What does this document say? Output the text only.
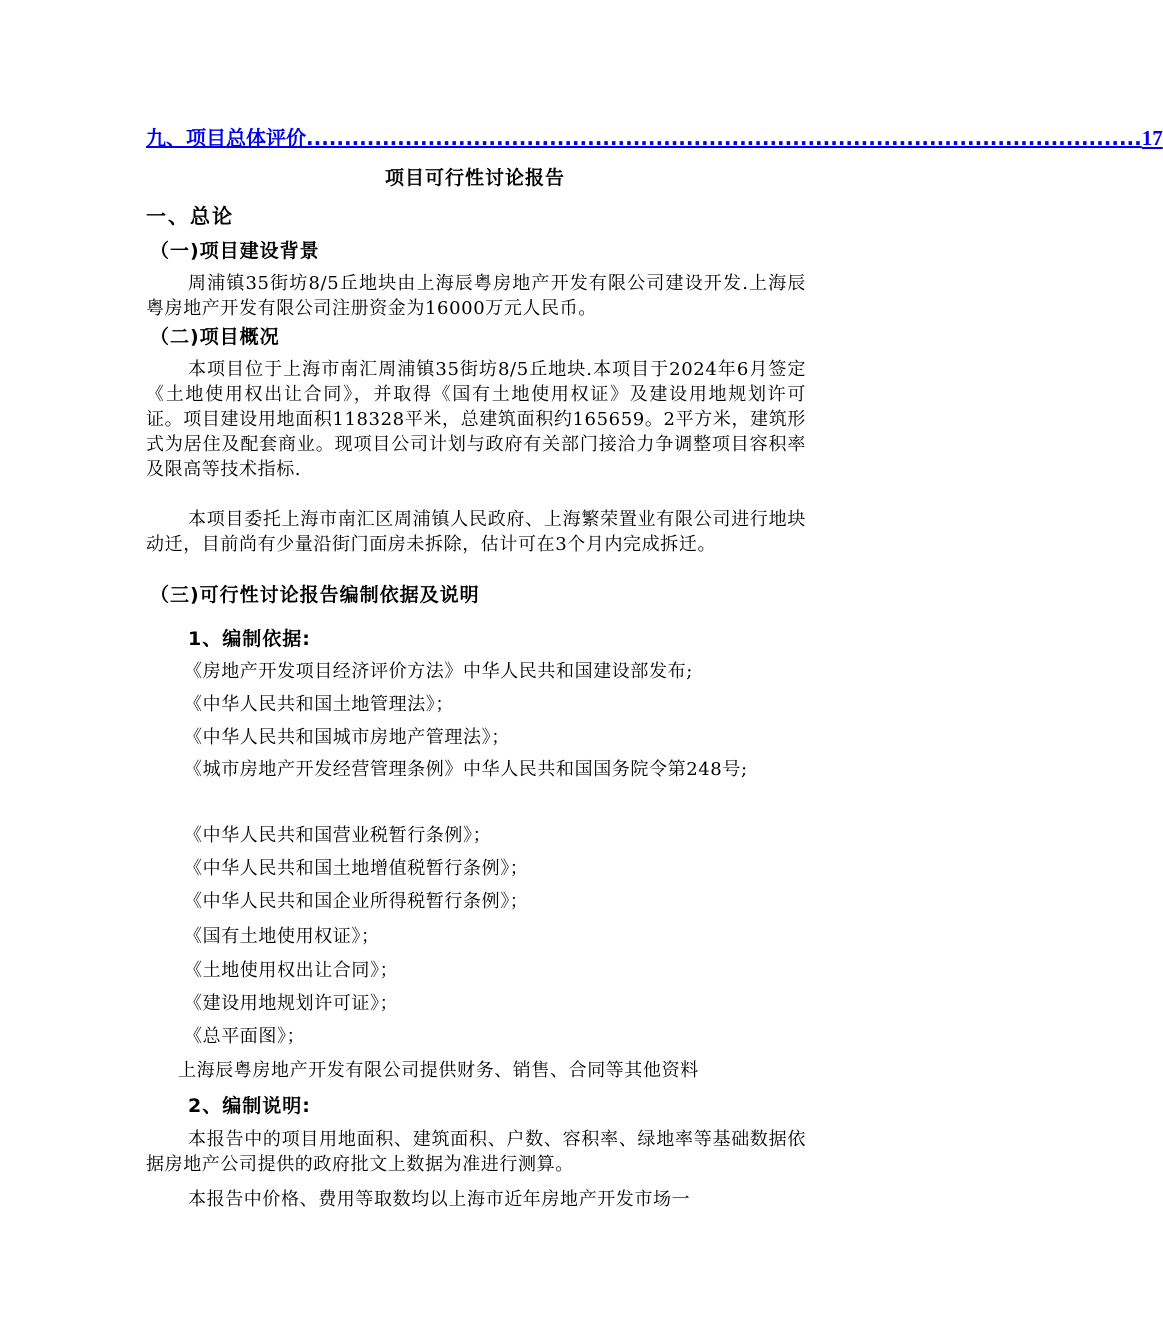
九、项目总体评价 .............................................................................................................. 17
项目可行性讨论报告
一、总论
（一)项目建设背景

周浦镇35街坊8/5丘地块由上海辰粤房地产开发有限公司建设开发.上海辰粤房地产开发有限公司注册资金为16000万元人民币。

（二)项目概况

本项目位于上海市南汇周浦镇35街坊8/5丘地块.本项目于2024年6月签定《土地使用权出让合同》，并取得《国有土地使用权证》及建设用地规划许可证。项目建设用地面积118328平米，总建筑面积约165659。2平方米，建筑形式为居住及配套商业。现项目公司计划与政府有关部门接洽力争调整项目容积率及限高等技术指标.

本项目委托上海市南汇区周浦镇人民政府、上海繁荣置业有限公司进行地块动迁，目前尚有少量沿街门面房未拆除，估计可在3个月内完成拆迁。

（三)可行性讨论报告编制依据及说明
1、编制依据:
《房地产开发项目经济评价方法》中华人民共和国建设部发布;
《中华人民共和国土地管理法》；
《中华人民共和国城市房地产管理法》；

《城市房地产开发经营管理条例》中华人民共和国国务院令第248号;

《中华人民共和国营业税暂行条例》；
《中华人民共和国土地增值税暂行条例》；
《中华人民共和国企业所得税暂行条例》；
《国有土地使用权证》；
《土地使用权出让合同》；
《建设用地规划许可证》；
《总平面图》；
上海辰粤房地产开发有限公司提供财务、销售、合同等其他资料
2、编制说明:

本报告中的项目用地面积、建筑面积、户数、容积率、绿地率等基础数据依据房地产公司提供的政府批文上数据为准进行测算。

本报告中价格、费用等取数均以上海市近年房地产开发市场一
